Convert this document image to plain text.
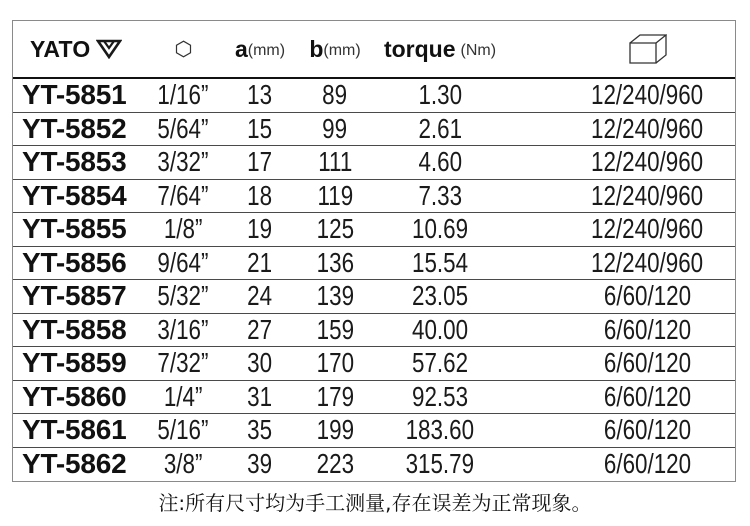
YATO	a (mm) b (mm) torque (Nm)
YT-5851 1/16” 13 89	1.30	12/240/960
YT-5852 5/64” 15 99	2.61	12/240/960
YT-5853 3/32” 17 111 4.60	12/240/960
YT-5854 7/64” 18 119 7.33	12/240/960
YT-5855 1/8” 19 125 10.69	12/240/960
YT-5856 9/64” 21 136 15.54	12/240/960
YT-5857 5/32” 24 139 23.05	6/60/120
YT-5858 3/16” 27 159 40.00	6/60/120
YT-5859 7/32” 30 170 57.62	6/60/120
YT-5860 1/4” 31 179 92.53	6/60/120
YT-5861 5/16” 35 199 183.60	6/60/120
YT-5862 3/8” 39 223 315.79	6/60/120
注:所有尺寸均为手工测量,存在误差为正常现象。
